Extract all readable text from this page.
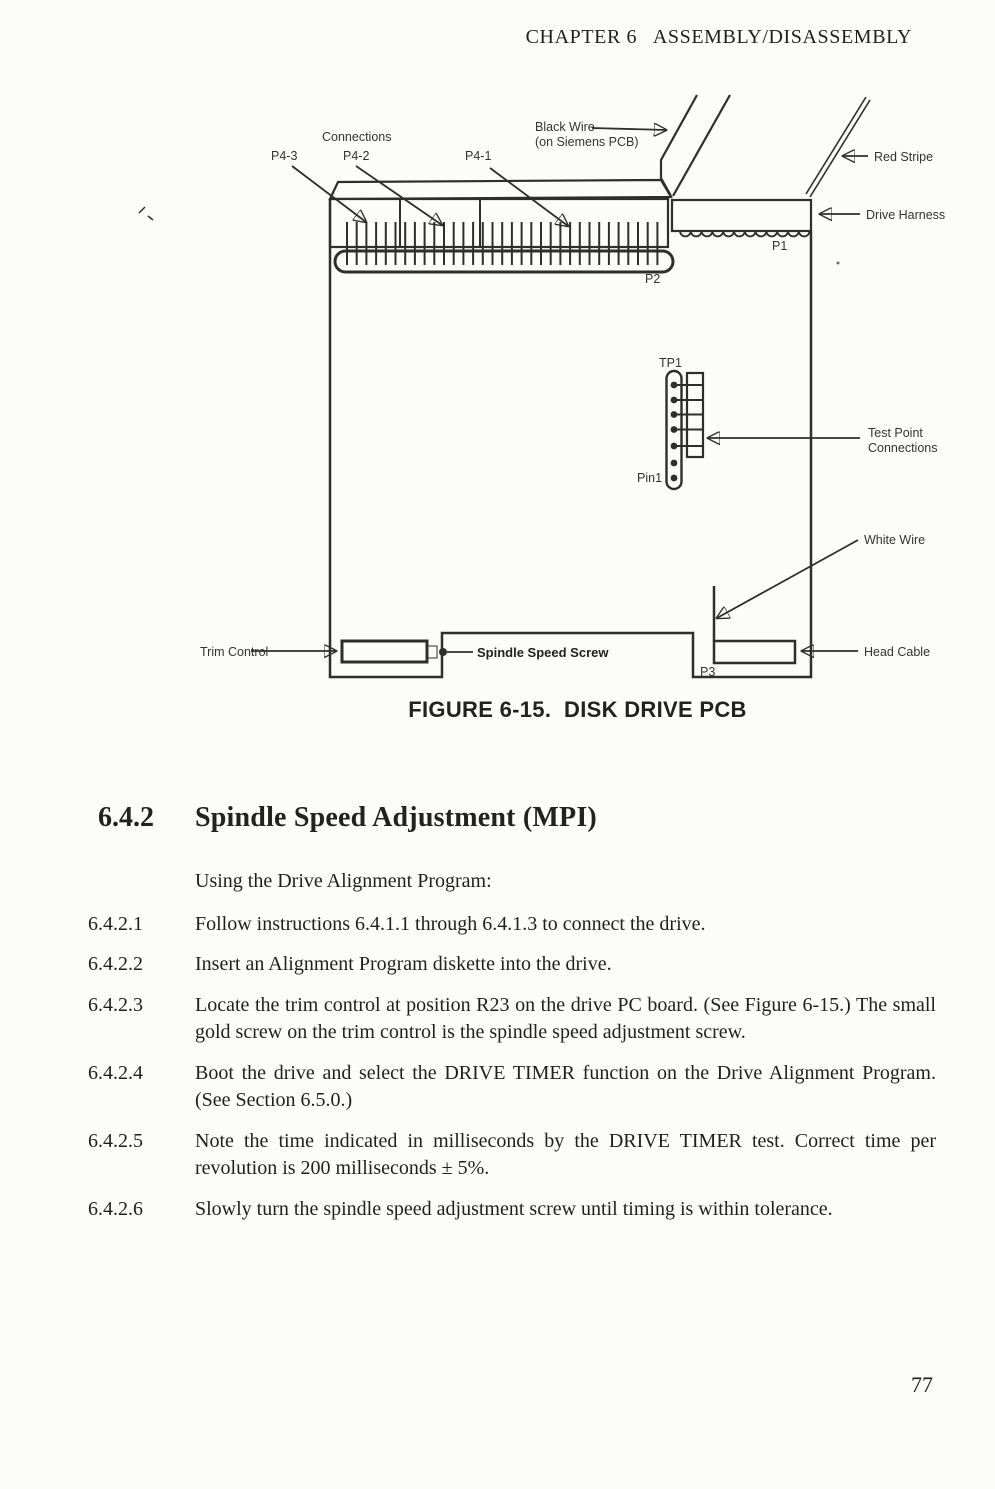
CHAPTER 6   ASSEMBLY/DISASSEMBLY
Connections
P4-3	P4-2	P4-1
Black Wire
(on Siemens PCB)
Red Stripe
Drive Harness
P1
P2
TP1
Pin1
Test Point
Connections
White Wire
Head Cable
P3
Trim Control	Spindle Speed Screw
FIGURE 6-15.  DISK DRIVE PCB
6.4.2 Spindle Speed Adjustment (MPI)
Using the Drive Alignment Program:
6.4.2.1	Follow instructions 6.4.1.1 through 6.4.1.3 to connect the drive.
6.4.2.2	Insert an Alignment Program diskette into the drive.
6.4.2.3	Locate the trim control at position R23 on the drive PC board. (See Figure 6-15.) The small gold screw on the trim control is the spindle speed adjustment screw.
6.4.2.4	Boot the drive and select the DRIVE TIMER function on the Drive Alignment Program. (See Section 6.5.0.)
6.4.2.5	Note the time indicated in milliseconds by the DRIVE TIMER test. Correct time per revolution is 200 milliseconds ± 5%.
6.4.2.6	Slowly turn the spindle speed adjustment screw until timing is within tolerance.
77
